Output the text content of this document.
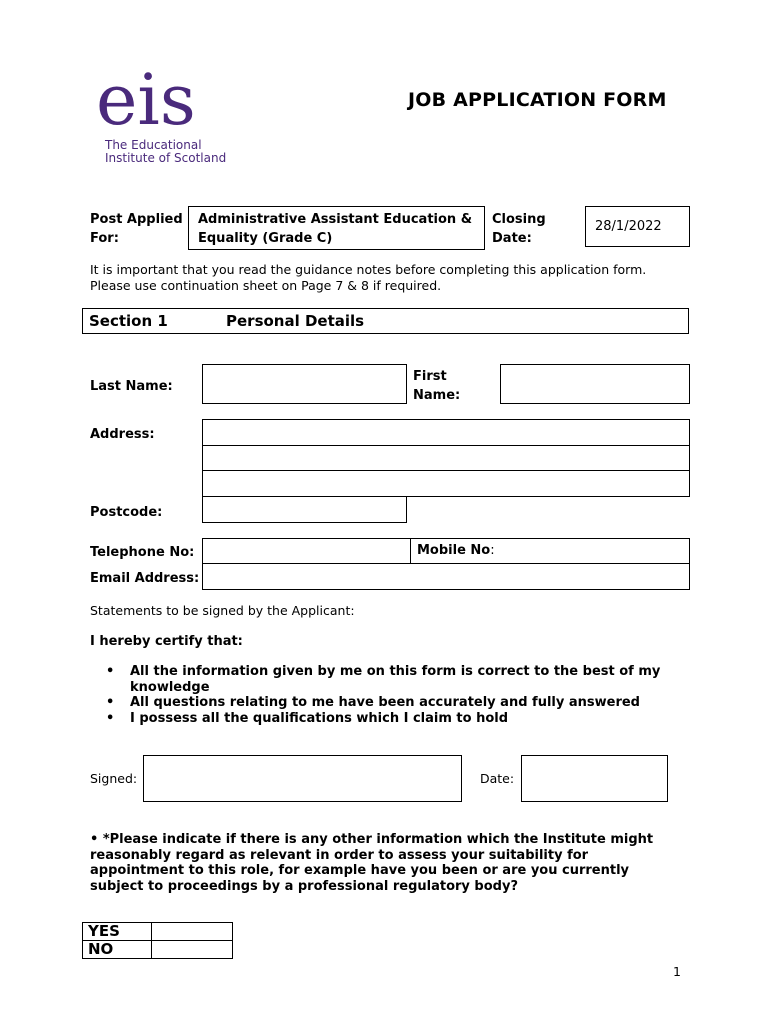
eis
The Educational
Institute of Scotland
JOB APPLICATION FORM
Post Applied
For:
Administrative Assistant Education &
Equality (Grade C)
Closing
Date:
28/1/2022
It is important that you read the guidance notes before completing this application form.
Please use continuation sheet on Page 7 & 8 if required.
Section 1	Personal Details
Last Name:
First
Name:
Address:
Postcode:
Telephone No:	Mobile No:
Email Address:
Statements to be signed by the Applicant:
I hereby certify that:
• All the information given by me on this form is correct to the best of my knowledge
• All questions relating to me have been accurately and fully answered
• I possess all the qualifications which I claim to hold
Signed:	Date:
• *Please indicate if there is any other information which the Institute might reasonably regard as relevant in order to assess your suitability for appointment to this role, for example have you been or are you currently subject to proceedings by a professional regulatory body?
YES	
NO	
1
